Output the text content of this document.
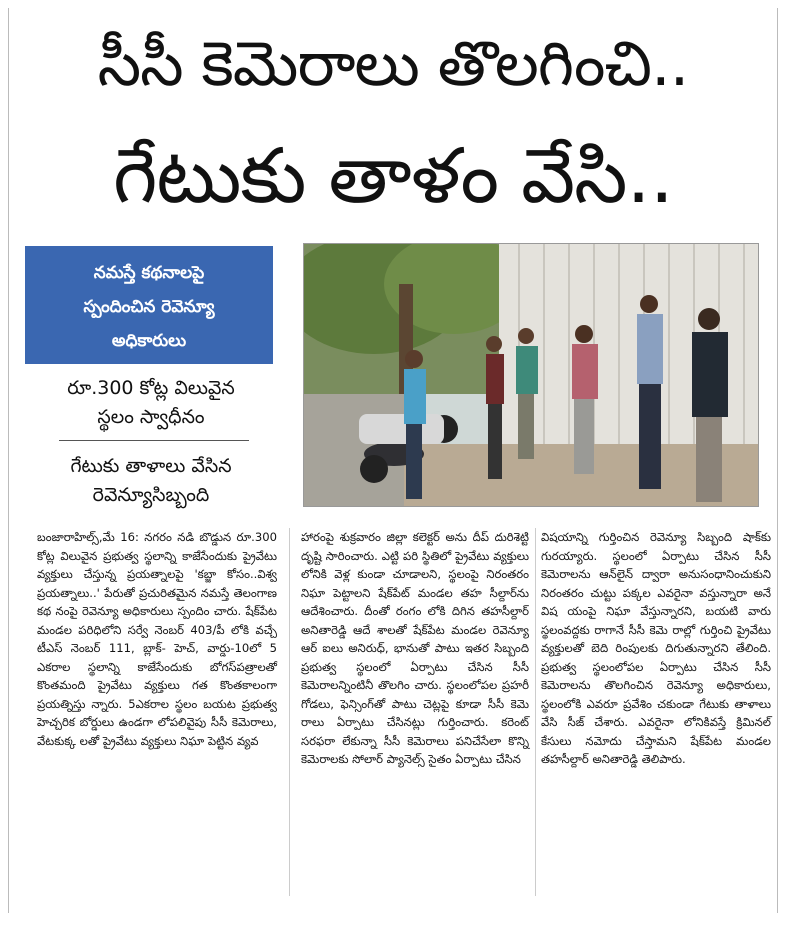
సీసీ కెమెరాలు తొలగించి..
గేటుకు తాళం వేసి..
నమస్తే కథనాలపై
స్పందించిన రెవెన్యూ
అధికారులు
రూ.300 కోట్ల విలువైన
స్థలం స్వాధీనం
గేటుకు తాళాలు వేసిన
రెవెన్యూసిబ్బంది
బంజారాహిల్స్,మే 16: నగరం నడి బొడ్డున రూ.300 కోట్ల విలువైన ప్రభుత్వ స్థలాన్ని కాజేసేందుకు ప్రైవేటు వ్యక్తులు చేస్తున్న ప్రయత్నాలపై 'కబ్జా కోసం..విశ్వ ప్రయత్నాలు..' పేరుతో ప్రచురితమైన నమస్తే తెలంగాణ కథ నంపై రెవెన్యూ అధికారులు స్పందిం చారు. షేక్‌పేట మండల పరిధిలోని సర్వే నెంబర్ 403/పీ లోకి వచ్చే టీఎస్ నెంబర్ 111, బ్లాక్- హెచ్, వార్డు-10లో 5 ఎకరాల స్థలాన్ని కాజేసేందుకు బోగస్‌పత్రాలతో కొంతమంది ప్రైవేటు వ్యక్తులు గత కొంతకాలంగా ప్రయత్నిస్తు న్నారు. 5ఎకరాల స్థలం బయట ప్రభుత్వ హెచ్చరిక బోర్డులు ఉండగా లోపలివైపు సీసీ కెమెరాలు, వేటకుక్క లతో ప్రైవేటు వ్యక్తులు నిఘా పెట్టిన వ్యవ
హారంపై శుక్రవారం జిల్లా కలెక్టర్ అను దీప్ దురిశెట్టి దృష్టి సారించారు. ఎట్టి పరి స్థితిలో ప్రైవేటు వ్యక్తులు లోనికి వెళ్ల కుండా చూడాలని, స్థలంపై నిరంతరం నిఘా పెట్టాలని షేక్‌పేట్ మండల తహ సీల్దార్‌ను ఆదేశించారు. దీంతో రంగం లోకి దిగిన తహసీల్దార్ అనితారెడ్డి ఆదే శాలతో షేక్‌పేట మండల రెవెన్యూ ఆర్ ఐలు అనిరుధ్, భానుతో పాటు ఇతర సిబ్బంది ప్రభుత్వ స్థలంలో ఏర్పాటు చేసిన సీసీ కెమెరాలన్నింటినీ తొలగిం చారు. స్థలంలోపల ప్రహరీ గోడలు, ఫెన్సింగ్‌తో పాటు చెట్లపై కూడా సీసీ కెమె రాలు ఏర్పాటు చేసినట్లు గుర్తించారు. కరెంట్ సరఫరా లేకున్నా సీసీ కెమెరాలు పనిచేసేలా కొన్ని కెమెరాలకు సోలార్ ప్యానెల్స్ సైతం ఏర్పాటు చేసిన
విషయాన్ని గుర్తించిన రెవెన్యూ సిబ్బంది షాక్‌కు గురయ్యారు. స్థలంలో ఏర్పాటు చేసిన సీసీ కెమెరాలను ఆన్‌లైన్ ద్వారా అనుసంధానించుకుని నిరంతరం చుట్టు పక్కల ఎవరైనా వస్తున్నారా అనే విష యంపై నిఘా వేస్తున్నారని, బయటి వారు స్థలంవద్దకు రాగానే సీసీ కెమె రాల్లో గుర్తించి ప్రైవేటు వ్యక్తులతో బెది రింపులకు దిగుతున్నారని తేలింది. ప్రభుత్వ స్థలంలోపల ఏర్పాటు చేసిన సీసీ కెమెరాలను తొలగించిన రెవెన్యూ అధికారులు, స్థలంలోకి ఎవరూ ప్రవేశిం చకుండా గేటుకు తాళాలు వేసి సీజ్ చేశారు. ఎవరైనా లోనికివస్తే క్రిమినల్ కేసులు నమోదు చేస్తామని షేక్‌పేట మండల తహసీల్దార్ అనితారెడ్డి తెలిపారు.
